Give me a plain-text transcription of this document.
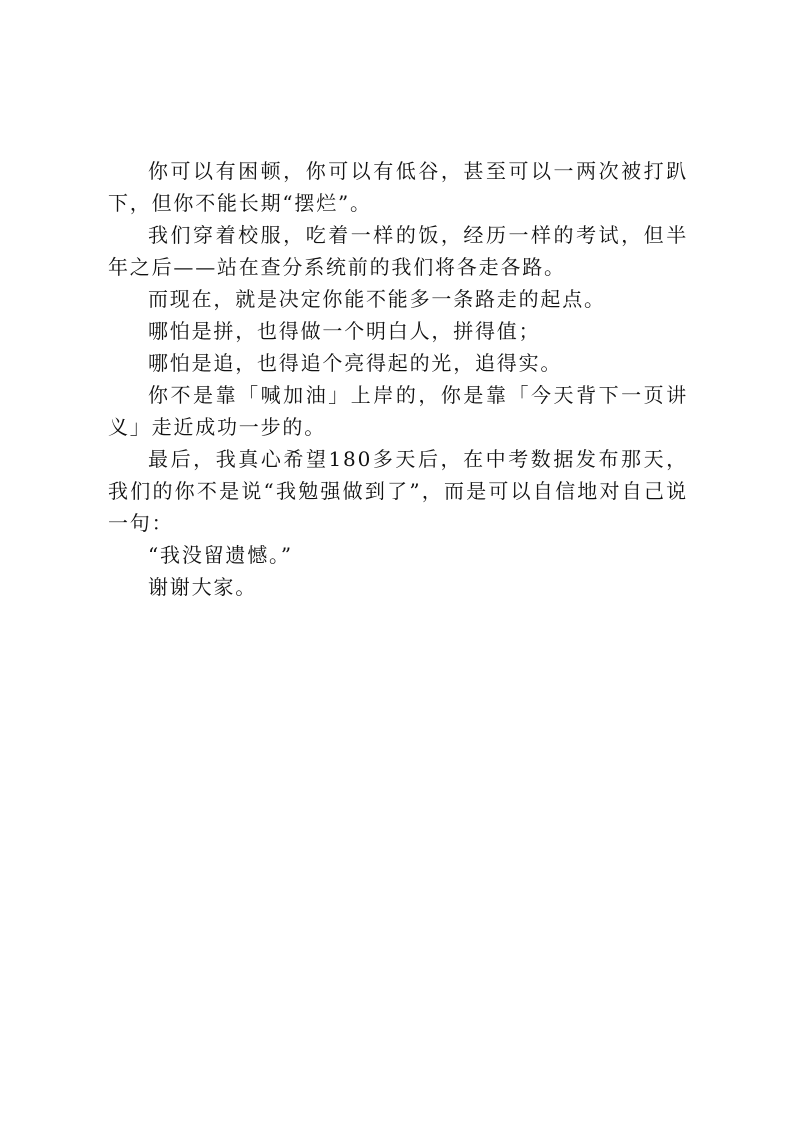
你可以有困顿，你可以有低谷，甚至可以一两次被打趴下，但你不能长期“摆烂”。

我们穿着校服，吃着一样的饭，经历一样的考试，但半年之后——站在查分系统前的我们将各走各路。

而现在，就是决定你能不能多一条路走的起点。

哪怕是拼，也得做一个明白人，拼得值；

哪怕是追，也得追个亮得起的光，追得实。

你不是靠「喊加油」上岸的，你是靠「今天背下一页讲义」走近成功一步的。

最后，我真心希望180多天后，在中考数据发布那天，我们的你不是说“我勉强做到了”，而是可以自信地对自己说一句：

“我没留遗憾。”

谢谢大家。
